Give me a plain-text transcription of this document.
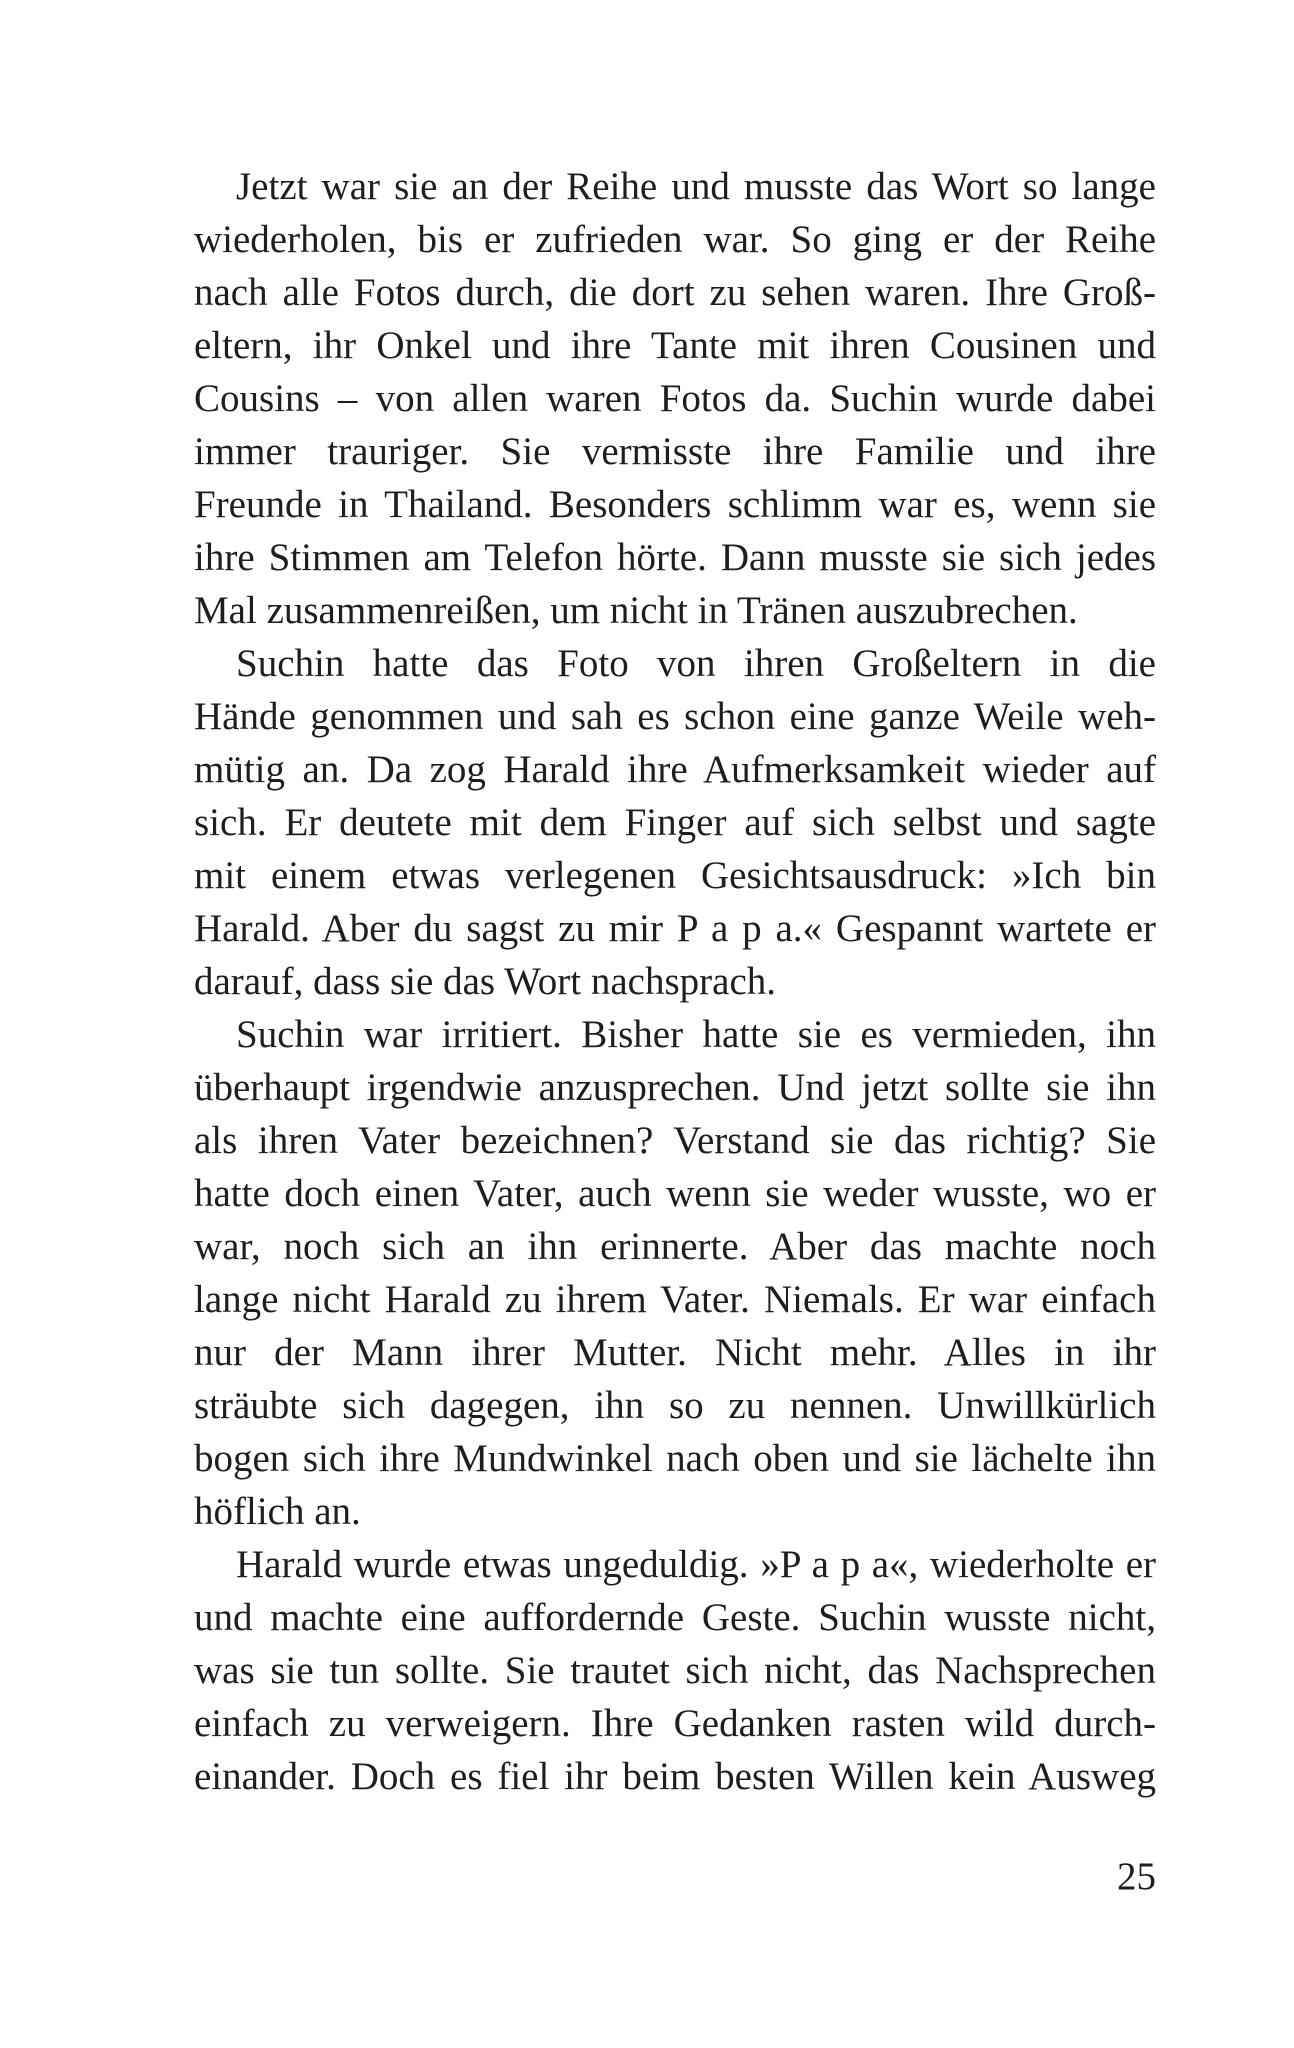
Jetzt war sie an der Reihe und musste das Wort so lange
wiederholen, bis er zufrieden war. So ging er der Reihe
nach alle Fotos durch, die dort zu sehen waren. Ihre Groß-
eltern, ihr Onkel und ihre Tante mit ihren Cousinen und
Cousins – von allen waren Fotos da. Suchin wurde dabei
immer trauriger. Sie vermisste ihre Familie und ihre
Freunde in Thailand. Besonders schlimm war es, wenn sie
ihre Stimmen am Telefon hörte. Dann musste sie sich jedes
Mal zusammenreißen, um nicht in Tränen auszubrechen.
Suchin hatte das Foto von ihren Großeltern in die
Hände genommen und sah es schon eine ganze Weile weh-
mütig an. Da zog Harald ihre Aufmerksamkeit wieder auf
sich. Er deutete mit dem Finger auf sich selbst und sagte
mit einem etwas verlegenen Gesichtsausdruck: »Ich bin
Harald. Aber du sagst zu mir P a p a.« Gespannt wartete er
darauf, dass sie das Wort nachsprach.
Suchin war irritiert. Bisher hatte sie es vermieden, ihn
überhaupt irgendwie anzusprechen. Und jetzt sollte sie ihn
als ihren Vater bezeichnen? Verstand sie das richtig? Sie
hatte doch einen Vater, auch wenn sie weder wusste, wo er
war, noch sich an ihn erinnerte. Aber das machte noch
lange nicht Harald zu ihrem Vater. Niemals. Er war einfach
nur der Mann ihrer Mutter. Nicht mehr. Alles in ihr
sträubte sich dagegen, ihn so zu nennen. Unwillkürlich
bogen sich ihre Mundwinkel nach oben und sie lächelte ihn
höflich an.
Harald wurde etwas ungeduldig. »P a p a«, wiederholte er
und machte eine auffordernde Geste. Suchin wusste nicht,
was sie tun sollte. Sie trautet sich nicht, das Nachsprechen
einfach zu verweigern. Ihre Gedanken rasten wild durch-
einander. Doch es fiel ihr beim besten Willen kein Ausweg
25
